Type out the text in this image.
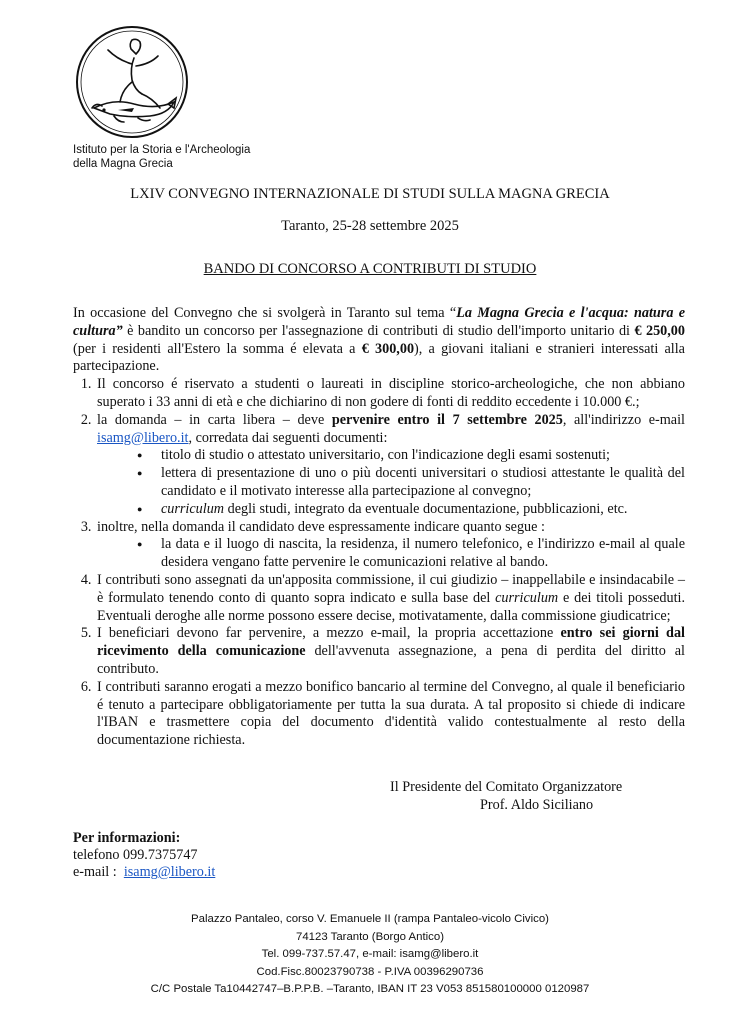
Istituto per la Storia e l'Archeologia
della Magna Grecia
LXIV CONVEGNO INTERNAZIONALE DI STUDI SULLA MAGNA GRECIA
Taranto, 25-28 settembre 2025
BANDO DI CONCORSO A CONTRIBUTI DI STUDIO

In occasione del Convegno che si svolgerà in Taranto sul tema “La Magna Grecia e l'acqua: natura e cultura” è bandito un concorso per l'assegnazione di contributi di studio dell'importo unitario di € 250,00 (per i residenti all'Estero la somma é elevata a € 300,00), a giovani italiani e stranieri interessati alla partecipazione.

1. Il concorso é riservato a studenti o laureati in discipline storico-archeologiche, che non abbiano superato i 33 anni di età e che dichiarino di non godere di fonti di reddito eccedente i 10.000 €.;
2. la domanda – in carta libera – deve pervenire entro il 7 settembre 2025, all'indirizzo e-mail isamg@libero.it, corredata dai seguenti documenti:
● titolo di studio o attestato universitario, con l'indicazione degli esami sostenuti;
● lettera di presentazione di uno o più docenti universitari o studiosi attestante le qualità del candidato e il motivato interesse alla partecipazione al convegno;
● curriculum degli studi, integrato da eventuale documentazione, pubblicazioni, etc.
3. inoltre, nella domanda il candidato deve espressamente indicare quanto segue :
● la data e il luogo di nascita, la residenza, il numero telefonico, e l'indirizzo e-mail al quale desidera vengano fatte pervenire le comunicazioni relative al bando.
4. I contributi sono assegnati da un'apposita commissione, il cui giudizio – inappellabile e insindacabile – è formulato tenendo conto di quanto sopra indicato e sulla base del curriculum e dei titoli posseduti. Eventuali deroghe alle norme possono essere decise, motivatamente, dalla commissione giudicatrice;
5. I beneficiari devono far pervenire, a mezzo e-mail, la propria accettazione entro sei giorni dal ricevimento della comunicazione dell'avvenuta assegnazione, a pena di perdita del diritto al contributo.
6. I contributi saranno erogati a mezzo bonifico bancario al termine del Convegno, al quale il beneficiario é tenuto a partecipare obbligatoriamente per tutta la sua durata. A tal proposito si chiede di indicare l'IBAN e trasmettere copia del documento d'identità valido contestualmente al resto della documentazione richiesta.
Il Presidente del Comitato Organizzatore
Prof. Aldo Siciliano
Per informazioni:
telefono 099.7375747
e-mail :  isamg@libero.it
Palazzo Pantaleo, corso V. Emanuele II (rampa Pantaleo-vicolo Civico)
74123 Taranto (Borgo Antico)
Tel. 099-737.57.47, e-mail: isamg@libero.it
Cod.Fisc.80023790738 - P.IVA 00396290736
C/C Postale Ta10442747–B.P.P.B. –Taranto, IBAN IT 23 V053 851580100000 0120987
